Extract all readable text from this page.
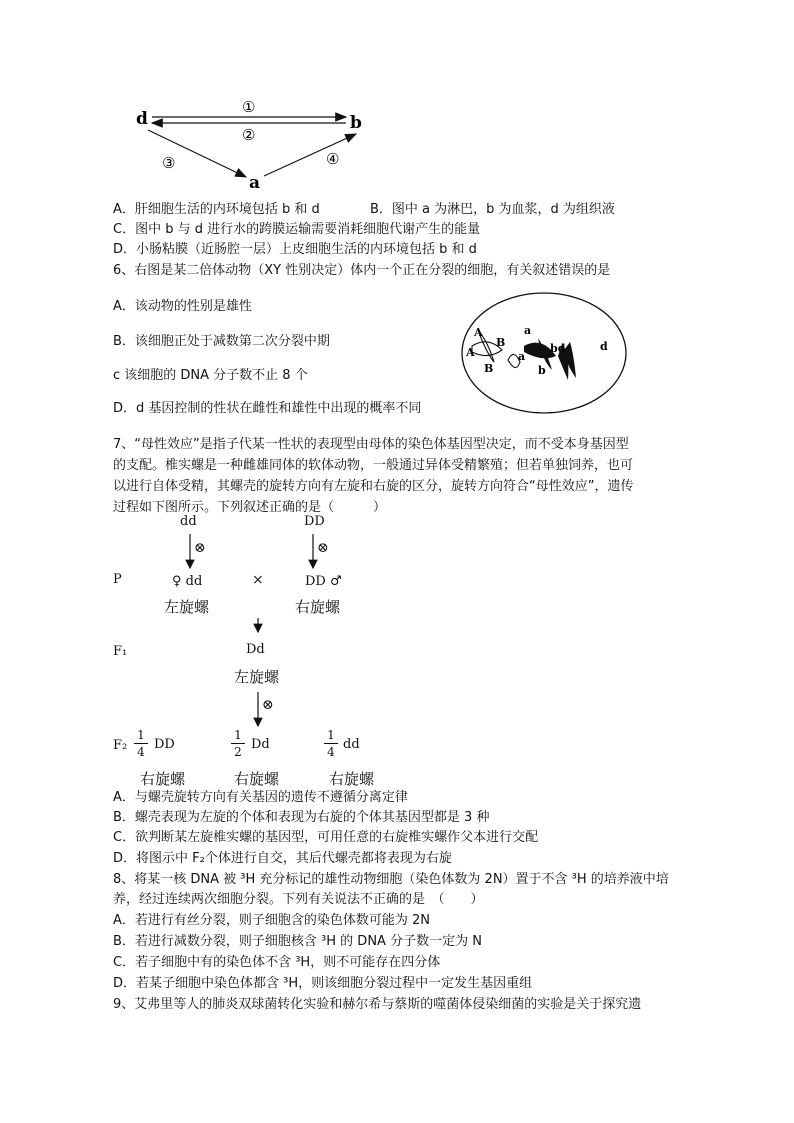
d	b
a
①
②
③	④
A．肝细胞生活的内环境包括 b 和 d	B．图中 a 为淋巴，b 为血浆，d 为组织液
C．图中 b 与 d 进行水的跨膜运输需要消耗细胞代谢产生的能量
D．小肠粘膜（近肠腔一层）上皮细胞生活的内环境包括 b 和 d
6、右图是某二倍体动物（XY 性别决定）体内一个正在分裂的细胞，有关叙述错误的是
A．该动物的性别是雄性
B．该细胞正处于减数第二次分裂中期
c 该细胞的 DNA 分子数不止 8 个
D．d 基因控制的性状在雌性和雄性中出现的概率不同
A
A
B
B
a
a
b
bd	d
7、“母性效应”是指子代某一性状的表现型由母体的染色体基因型决定，而不受本身基因型
的支配。椎实螺是一种雌雄同体的软体动物，一般通过异体受精繁殖；但若单独饲养，也可
以进行自体受精，其螺壳的旋转方向有左旋和右旋的区分，旋转方向符合“母性效应”，遗传
过程如下图所示。下列叙述正确的是（　　　）
dd	DD
⊗	⊗
P	♀ dd	×	DD ♂
左旋螺	右旋螺
F₁	Dd
左旋螺
⊗
F₂
1
4 DD
1
2 Dd
1
4 dd
右旋螺	右旋螺	右旋螺
A．与螺壳旋转方向有关基因的遗传不遵循分离定律
B．螺壳表现为左旋的个体和表现为右旋的个体其基因型都是 3 种
C．欲判断某左旋椎实螺的基因型，可用任意的右旋椎实螺作父本进行交配
D．将图示中 F₂个体进行自交，其后代螺壳都将表现为右旋
8、将某一核 DNA 被 ³H 充分标记的雄性动物细胞（染色体数为 2N）置于不含 ³H 的培养液中培
养，经过连续两次细胞分裂。下列有关说法不正确的是　（　　）
A．若进行有丝分裂，则子细胞含的染色体数可能为 2N
B．若进行减数分裂，则子细胞核含 ³H 的 DNA 分子数一定为 N
C．若子细胞中有的染色体不含 ³H，则不可能存在四分体
D．若某子细胞中染色体都含 ³H，则该细胞分裂过程中一定发生基因重组
9、艾弗里等人的肺炎双球菌转化实验和赫尔希与蔡斯的噬菌体侵染细菌的实验是关于探究遗
